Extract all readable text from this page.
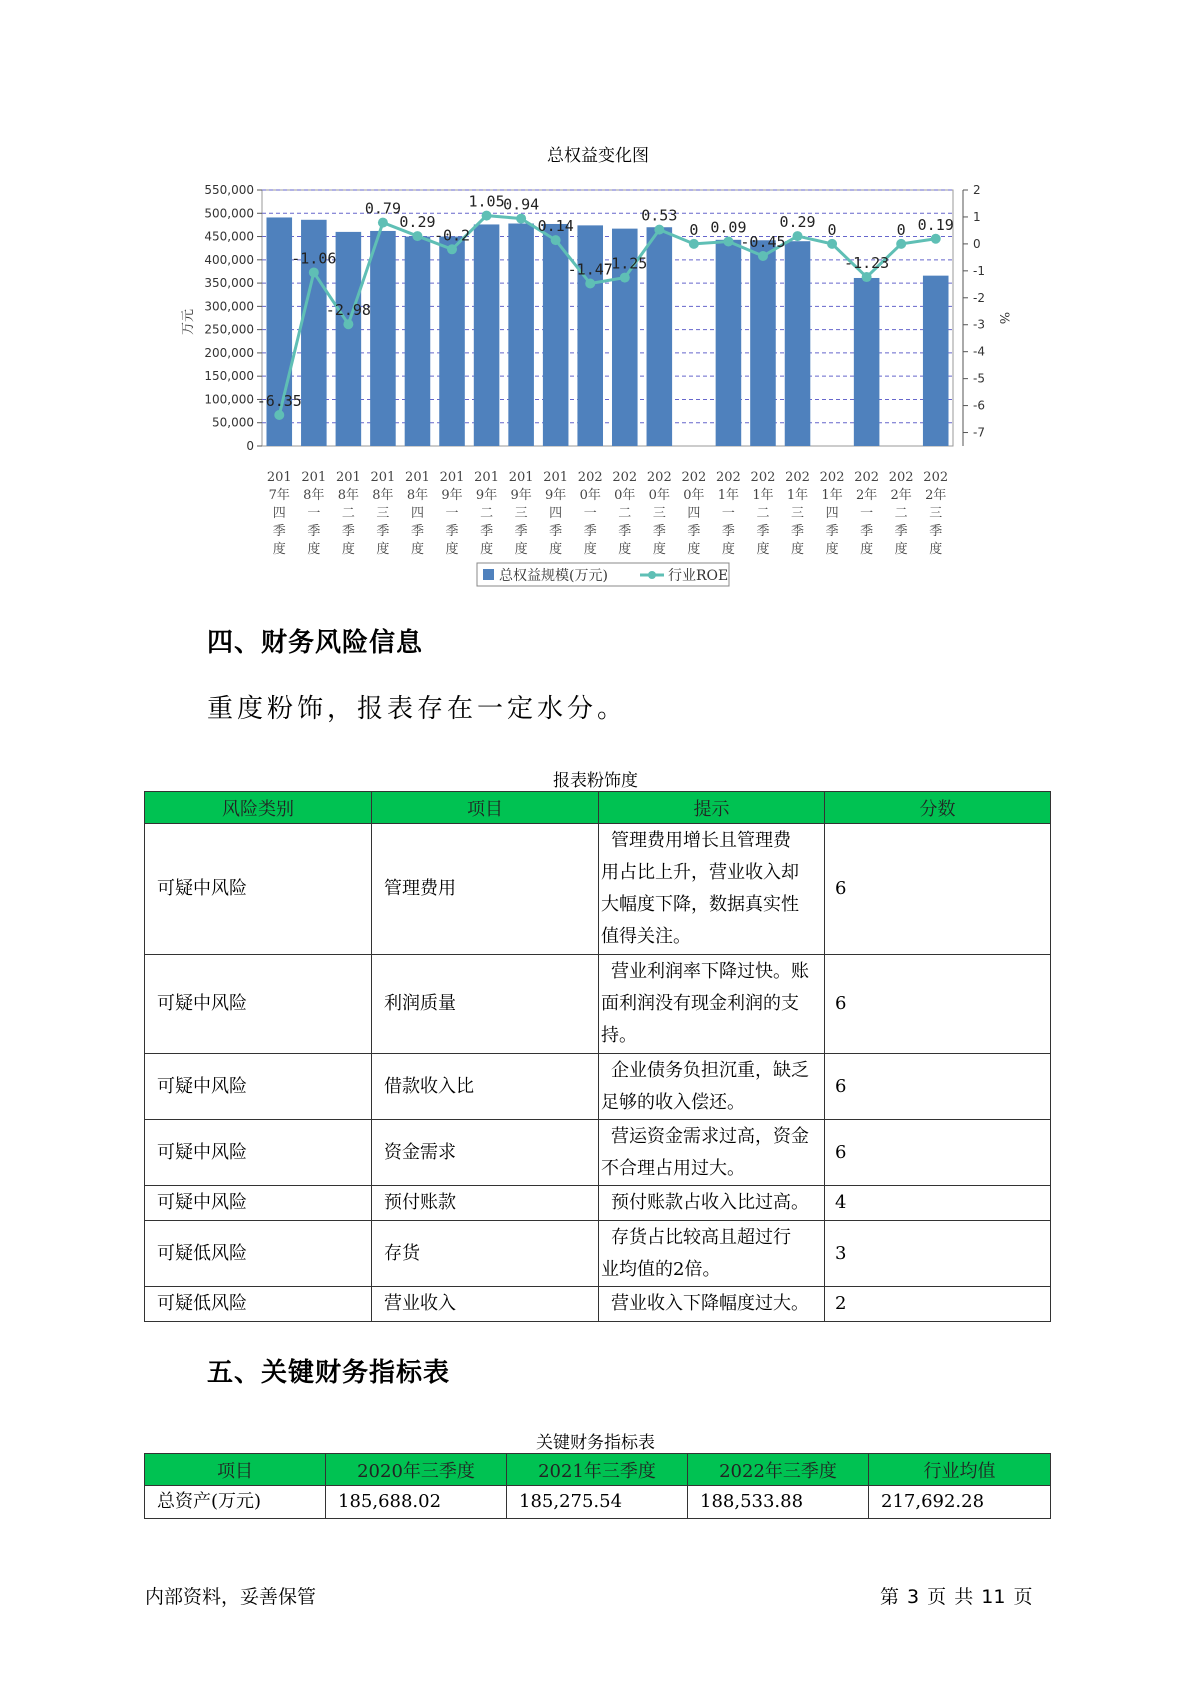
总权益变化图
0
50,000
100,000
150,000
200,000
250,000
300,000
350,000
400,000
450,000
500,000
550,000
-7
-6
-5
-4
-3
-2
-1
0
1
2
万元	%
-6.35
-1.06
-2.98
0.79
0.29
-0.2
1.05
0.94
0.14
-1.47
-1.25
0.53
0 0.09
-0.45
0.29 0
-1.23
0 0.19
201
7年
四
季
度
201
8年
一
季
度
201
8年
二
季
度
201
8年
三
季
度
201
8年
四
季
度
201
9年
一
季
度
201
9年
二
季
度
201
9年
三
季
度
201
9年
四
季
度
202
0年
一
季
度
202
0年
二
季
度
202
0年
三
季
度
202
0年
四
季
度
202
1年
一
季
度
202
1年
二
季
度
202
1年
三
季
度
202
1年
四
季
度
202
2年
一
季
度
202
2年
二
季
度
202
2年
三
季
度
总权益规模(万元)	行业ROE
四、财务风险信息
重度粉饰，报表存在一定水分。
报表粉饰度
风险类别	项目	提示	分数
可疑中风险	管理费用	管理费用增长且管理费
用占比上升，营业收入却
大幅度下降，数据真实性
值得关注。	6
可疑中风险	利润质量	营业利润率下降过快。账
面利润没有现金利润的支
持。	6
可疑中风险	借款收入比	企业债务负担沉重，缺乏
足够的收入偿还。	6
可疑中风险	资金需求	营运资金需求过高，资金
不合理占用过大。	6
可疑中风险	预付账款	预付账款占收入比过高。	4
可疑低风险	存货	存货占比较高且超过行
业均值的2倍。	3
可疑低风险	营业收入	营业收入下降幅度过大。	2
五、关键财务指标表
关键财务指标表
项目	2020年三季度	2021年三季度	2022年三季度	行业均值
总资产(万元)	185,688.02	185,275.54	188,533.88	217,692.28
内部资料，妥善保管	第 3 页 共 11 页
